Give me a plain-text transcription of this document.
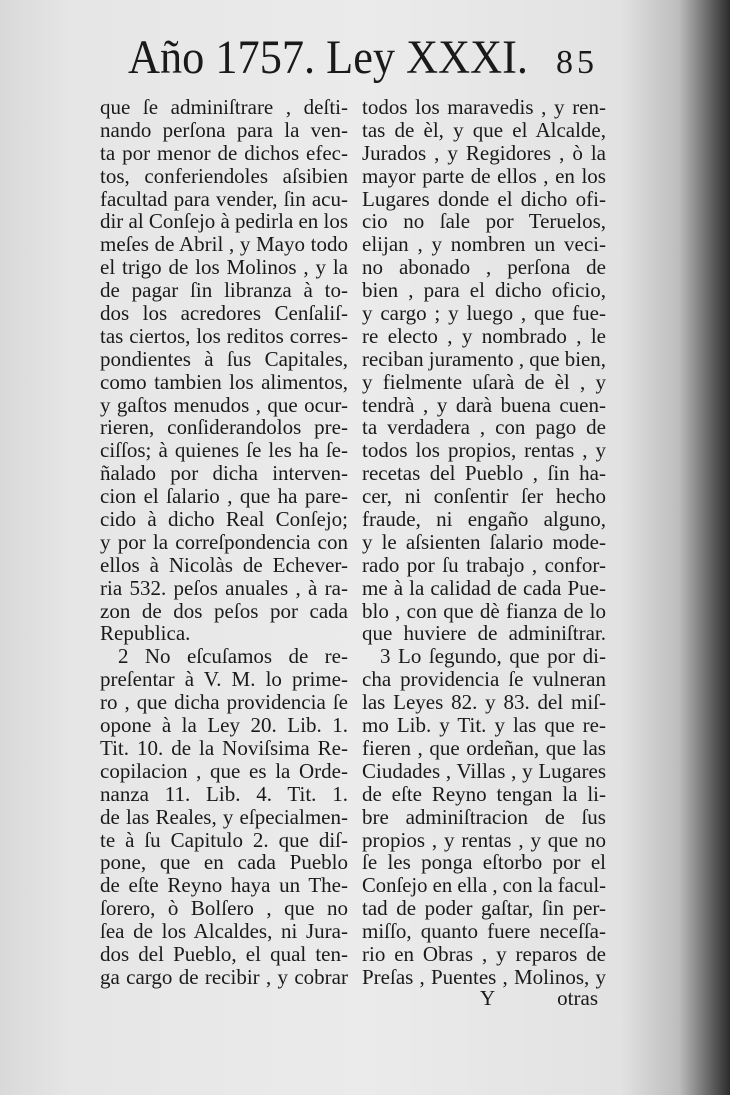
Año 1757. Ley XXXI. 85
que ſe adminiſtrare , deſti-
nando perſona para la ven-
ta por menor de dichos efec-
tos, conferiendoles aſsibien
facultad para vender, ſin acu-
dir al Conſejo à pedirla en los
meſes de Abril , y Mayo todo
el trigo de los Molinos , y la
de pagar ſin libranza à to-
dos los acredores Cenſaliſ-
tas ciertos, los reditos corres-
pondientes à ſus Capitales,
como tambien los alimentos,
y gaſtos menudos , que ocur-
rieren, conſiderandolos pre-
ciſſos; à quienes ſe les ha ſe-
ñalado por dicha interven-
cion el ſalario , que ha pare-
cido à dicho Real Conſejo;
y por la correſpondencia con
ellos à Nicolàs de Echever-
ria 532. peſos anuales , à ra-
zon de dos peſos por cada
Republica.
2 No eſcuſamos de re-
preſentar à V. M. lo prime-
ro , que dicha providencia ſe
opone à la Ley 20. Lib. 1.
Tit. 10. de la Noviſsima Re-
copilacion , que es la Orde-
nanza 11. Lib. 4. Tit. 1.
de las Reales, y eſpecialmen-
te à ſu Capitulo 2. que diſ-
pone, que en cada Pueblo
de eſte Reyno haya un The-
ſorero, ò Bolſero , que no
ſea de los Alcaldes, ni Jura-
dos del Pueblo, el qual ten-
ga cargo de recibir , y cobrar
todos los maravedis , y ren-
tas de èl, y que el Alcalde,
Jurados , y Regidores , ò la
mayor parte de ellos , en los
Lugares donde el dicho ofi-
cio no ſale por Teruelos,
elijan , y nombren un veci-
no abonado , perſona de
bien , para el dicho oficio,
y cargo ; y luego , que fue-
re electo , y nombrado , le
reciban juramento , que bien,
y fielmente uſarà de èl , y
tendrà , y darà buena cuen-
ta verdadera , con pago de
todos los propios, rentas , y
recetas del Pueblo , ſin ha-
cer, ni conſentir ſer hecho
fraude, ni engaño alguno,
y le aſsienten ſalario mode-
rado por ſu trabajo , confor-
me à la calidad de cada Pue-
blo , con que dè fianza de lo
que huviere de adminiſtrar.
3 Lo ſegundo, que por di-
cha providencia ſe vulneran
las Leyes 82. y 83. del miſ-
mo Lib. y Tit. y las que re-
fieren , que ordeñan, que las
Ciudades , Villas , y Lugares
de eſte Reyno tengan la li-
bre adminiſtracion de ſus
propios , y rentas , y que no
ſe les ponga eſtorbo por el
Conſejo en ella , con la facul-
tad de poder gaſtar, ſin per-
miſſo, quanto fuere neceſſa-
rio en Obras , y reparos de
Preſas , Puentes , Molinos, y
Y	otras
